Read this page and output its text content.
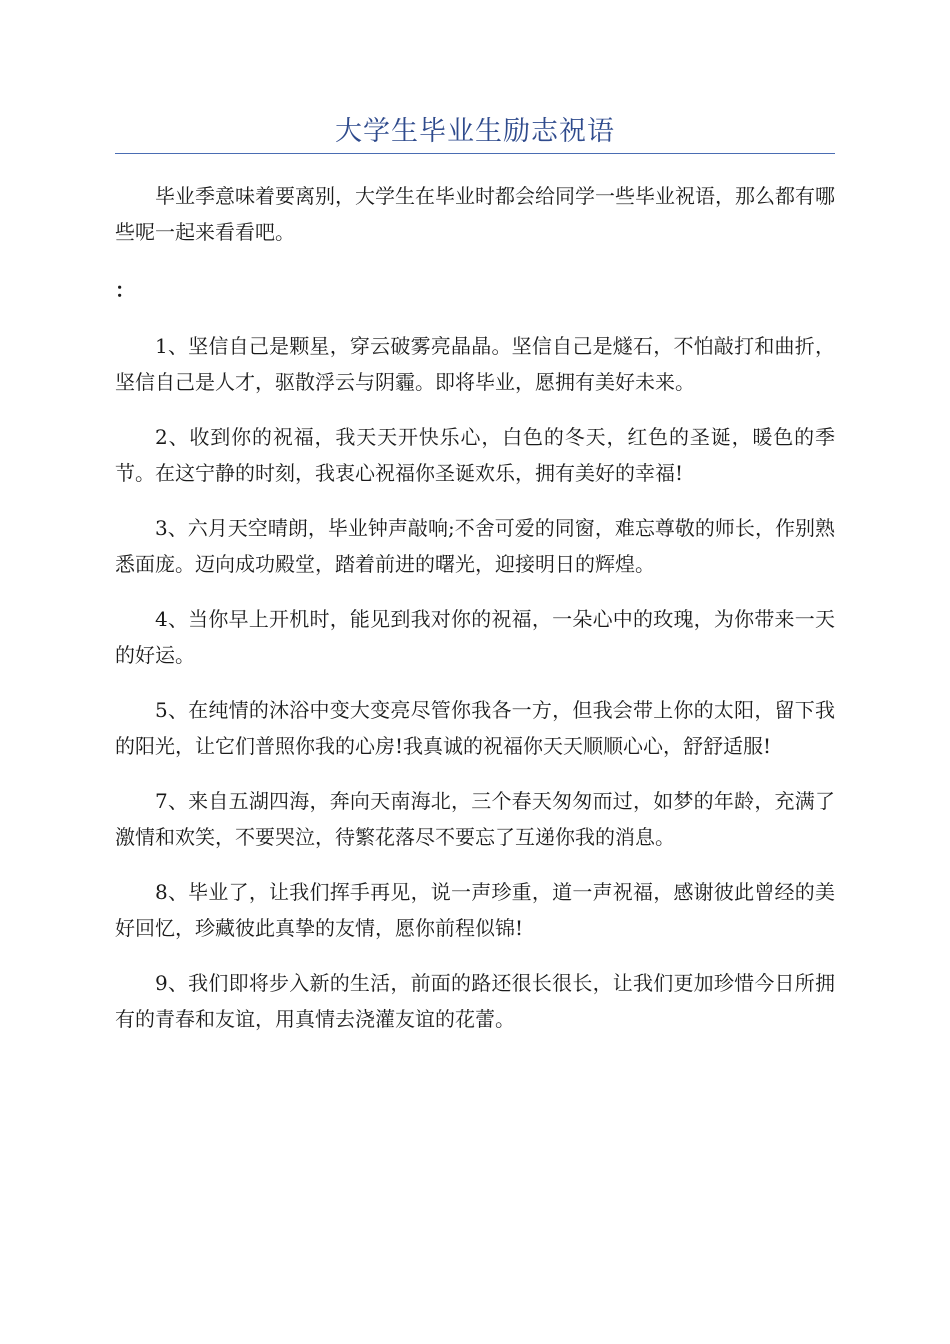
大学生毕业生励志祝语

毕业季意味着要离别，大学生在毕业时都会给同学一些毕业祝语，那么都有哪些呢一起来看看吧。

：

1、坚信自己是颗星，穿云破雾亮晶晶。坚信自己是燧石，不怕敲打和曲折，坚信自己是人才，驱散浮云与阴霾。即将毕业，愿拥有美好未来。

2、收到你的祝福，我天天开快乐心，白色的冬天，红色的圣诞，暖色的季节。在这宁静的时刻，我衷心祝福你圣诞欢乐，拥有美好的幸福!

3、六月天空晴朗，毕业钟声敲响;不舍可爱的同窗，难忘尊敬的师长，作别熟悉面庞。迈向成功殿堂，踏着前进的曙光，迎接明日的辉煌。

4、当你早上开机时，能见到我对你的祝福，一朵心中的玫瑰，为你带来一天的好运。

5、在纯情的沐浴中变大变亮尽管你我各一方，但我会带上你的太阳，留下我的阳光，让它们普照你我的心房!我真诚的祝福你天天顺顺心心，舒舒适服!

7、来自五湖四海，奔向天南海北，三个春天匆匆而过，如梦的年龄，充满了激情和欢笑，不要哭泣，待繁花落尽不要忘了互递你我的消息。

8、毕业了，让我们挥手再见，说一声珍重，道一声祝福，感谢彼此曾经的美好回忆，珍藏彼此真挚的友情，愿你前程似锦!

9、我们即将步入新的生活，前面的路还很长很长，让我们更加珍惜今日所拥有的青春和友谊，用真情去浇灌友谊的花蕾。
